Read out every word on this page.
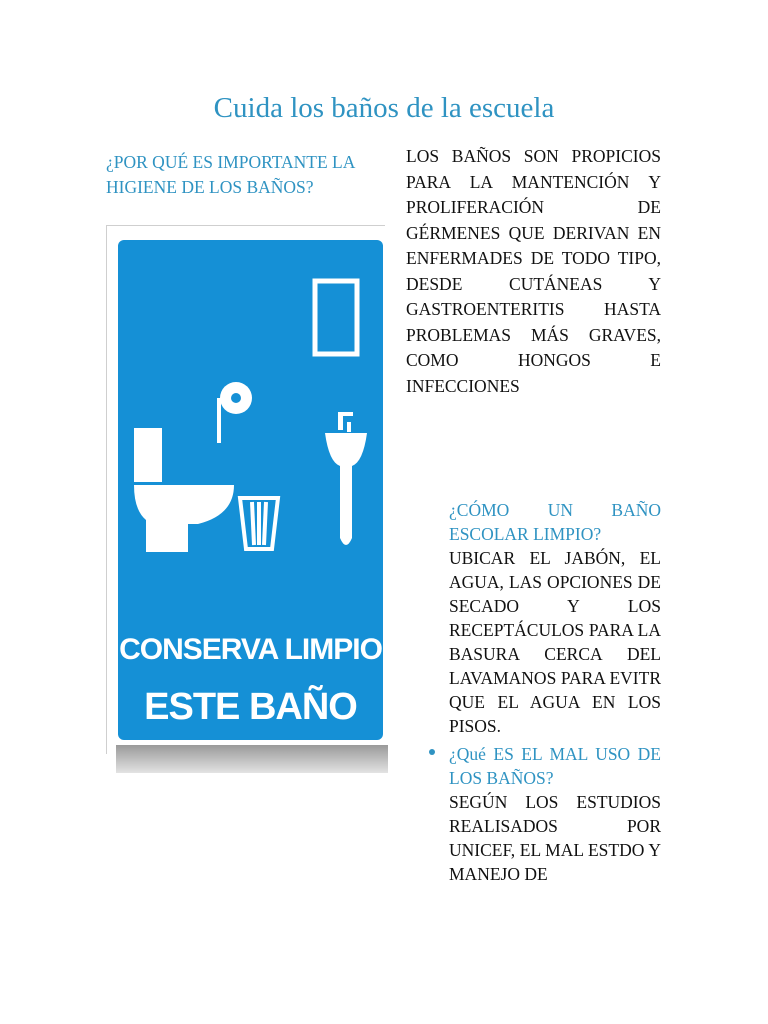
Cuida los baños de la escuela
¿POR QUÉ ES IMPORTANTE LA HIGIENE DE LOS BAÑOS?
CONSERVA LIMPIO
ESTE BAÑO
LOS BAÑOS SON PROPICIOS PARA LA MANTENCIÓN Y PROLIFERACIÓN DE GÉRMENES QUE DERIVAN EN ENFERMADES DE TODO TIPO, DESDE CUTÁNEAS Y GASTROENTERITIS HASTA PROBLEMAS MÁS GRAVES, COMO HONGOS E INFECCIONES
¿CÓMO UN BAÑO ESCOLAR LIMPIO?
UBICAR EL JABÓN, EL AGUA, LAS OPCIONES DE SECADO Y LOS RECEPTÁCULOS PARA LA BASURA CERCA DEL LAVAMANOS PARA EVITR QUE EL AGUA EN LOS PISOS.
¿Qué ES EL MAL USO DE LOS BAÑOS?
SEGÚN LOS ESTUDIOS REALISADOS POR UNICEF, EL MAL ESTDO Y MANEJO DE
